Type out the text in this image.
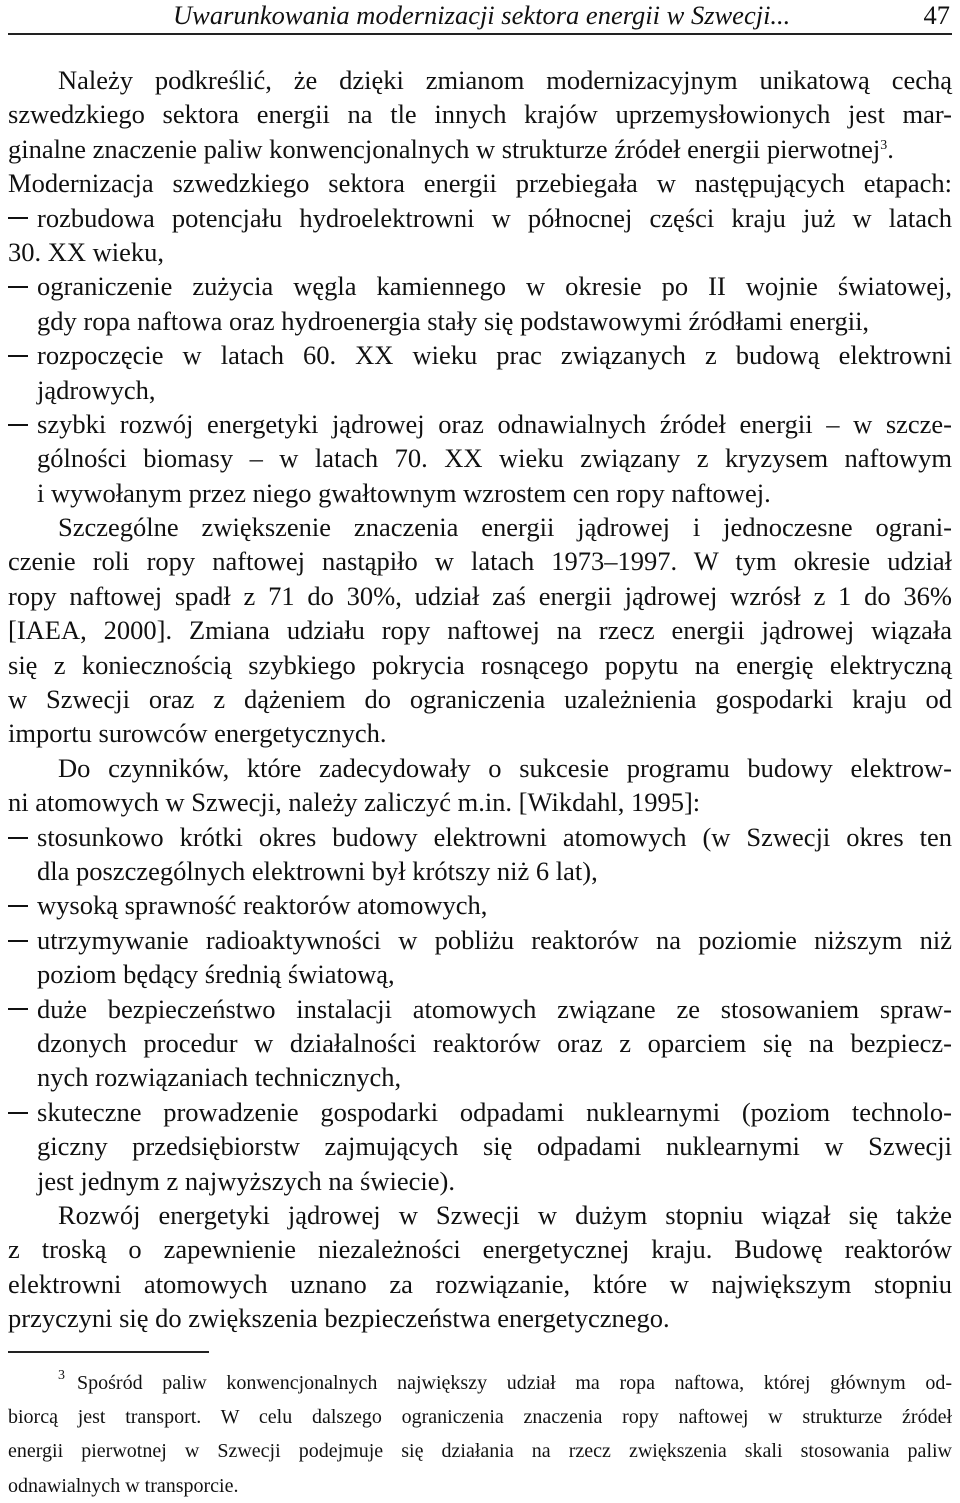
Uwarunkowania modernizacji sektora energii w Szwecji...	47
Należy podkreślić, że dzięki zmianom modernizacyjnym unikatową cechą
szwedzkiego sektora energii na tle innych krajów uprzemysłowionych jest mar-
ginalne znaczenie paliw konwencjonalnych w strukturze źródeł energii pierwotnej$^3$.
Modernizacja szwedzkiego sektora energii przebiegała w następujących etapach:
rozbudowa potencjału hydroelektrowni w północnej części kraju już w latach
30. XX wieku,
ograniczenie zużycia węgla kamiennego w okresie po II wojnie światowej,
gdy ropa naftowa oraz hydroenergia stały się podstawowymi źródłami energii,
rozpoczęcie w latach 60. XX wieku prac związanych z budową elektrowni
jądrowych,
szybki rozwój energetyki jądrowej oraz odnawialnych źródeł energii – w szcze-
gólności biomasy – w latach 70. XX wieku związany z kryzysem naftowym
i wywołanym przez niego gwałtownym wzrostem cen ropy naftowej.
Szczególne zwiększenie znaczenia energii jądrowej i jednoczesne ograni-
czenie roli ropy naftowej nastąpiło w latach 1973–1997. W tym okresie udział
ropy naftowej spadł z 71 do 30%, udział zaś energii jądrowej wzrósł z 1 do 36%
[IAEA, 2000]. Zmiana udziału ropy naftowej na rzecz energii jądrowej wiązała
się z koniecznością szybkiego pokrycia rosnącego popytu na energię elektryczną
w Szwecji oraz z dążeniem do ograniczenia uzależnienia gospodarki kraju od
importu surowców energetycznych.
Do czynników, które zadecydowały o sukcesie programu budowy elektrow-
ni atomowych w Szwecji, należy zaliczyć m.in. [Wikdahl, 1995]:
stosunkowo krótki okres budowy elektrowni atomowych (w Szwecji okres ten
dla poszczególnych elektrowni był krótszy niż 6 lat),
wysoką sprawność reaktorów atomowych,
utrzymywanie radioaktywności w pobliżu reaktorów na poziomie niższym niż
poziom będący średnią światową,
duże bezpieczeństwo instalacji atomowych związane ze stosowaniem spraw-
dzonych procedur w działalności reaktorów oraz z oparciem się na bezpiecz-
nych rozwiązaniach technicznych,
skuteczne prowadzenie gospodarki odpadami nuklearnymi (poziom technolo-
giczny przedsiębiorstw zajmujących się odpadami nuklearnymi w Szwecji
jest jednym z najwyższych na świecie).
Rozwój energetyki jądrowej w Szwecji w dużym stopniu wiązał się także
z troską o zapewnienie niezależności energetycznej kraju. Budowę reaktorów
elektrowni atomowych uznano za rozwiązanie, które w największym stopniu
przyczyni się do zwiększenia bezpieczeństwa energetycznego.
$^3$ Spośród paliw konwencjonalnych największy udział ma ropa naftowa, której głównym od-
biorcą jest transport. W celu dalszego ograniczenia znaczenia ropy naftowej w strukturze źródeł
energii pierwotnej w Szwecji podejmuje się działania na rzecz zwiększenia skali stosowania paliw
odnawialnych w transporcie.
